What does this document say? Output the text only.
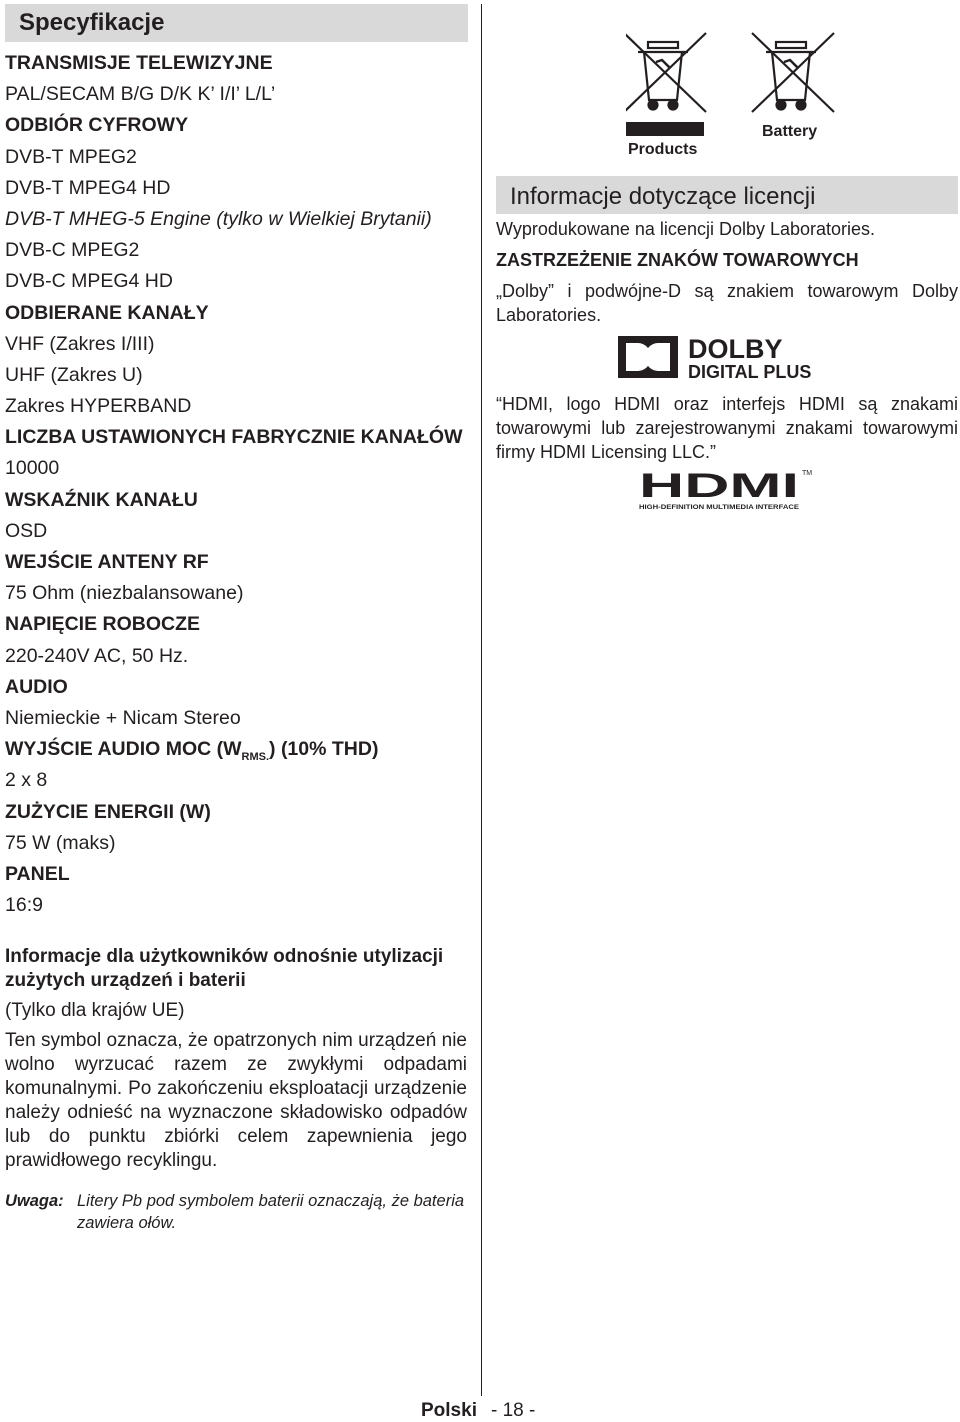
Specyfikacje
TRANSMISJE TELEWIZYJNE
PAL/SECAM B/G D/K K’ I/I’ L/L’
ODBIÓR CYFROWY
DVB-T MPEG2
DVB-T MPEG4 HD
DVB-T MHEG-5 Engine (tylko w Wielkiej Brytanii)
DVB-C MPEG2
DVB-C MPEG4 HD
ODBIERANE KANAŁY
VHF (Zakres I/III)
UHF (Zakres U)
Zakres HYPERBAND
LICZBA USTAWIONYCH FABRYCZNIE KANAŁÓW
10000
WSKAŹNIK KANAŁU
OSD
WEJŚCIE ANTENY RF
75 Ohm (niezbalansowane)
NAPIĘCIE ROBOCZE
220-240V AC, 50 Hz.
AUDIO
Niemieckie + Nicam Stereo
WYJŚCIE AUDIO MOC $(W_{RMS.})$ (10% THD)
2 x 8
ZUŻYCIE ENERGII (W)
75 W (maks)
PANEL
16:9
Informacje dla użytkowników odnośnie utylizacji zużytych urządzeń i baterii
(Tylko dla krajów UE)
Ten symbol oznacza, że opatrzonych nim urządzeń nie wolno wyrzucać razem ze zwykłymi odpadami komunalnymi. Po zakończeniu eksploatacji urządzenie należy odnieść na wyznaczone składowisko odpadów lub do punktu zbiórki celem zapewnienia jego prawidłowego recyklingu.
Uwaga: Litery Pb pod symbolem baterii oznaczają, że bateria
zawiera ołów.
Products
Battery
Informacje dotyczące licencji
Wyprodukowane na licencji Dolby Laboratories.
ZASTRZEŻENIE ZNAKÓW TOWAROWYCH
„Dolby” i podwójne-D są znakiem towarowym Dolby Laboratories.
DOLBY
DIGITAL PLUS
“HDMI, logo HDMI oraz interfejs HDMI są znakami towarowymi lub zarejestrowanymi znakami towarowymi firmy HDMI Licensing LLC.”
HDMI TM
HIGH-DEFINITION MULTIMEDIA INTERFACE
Polski - 18 -
